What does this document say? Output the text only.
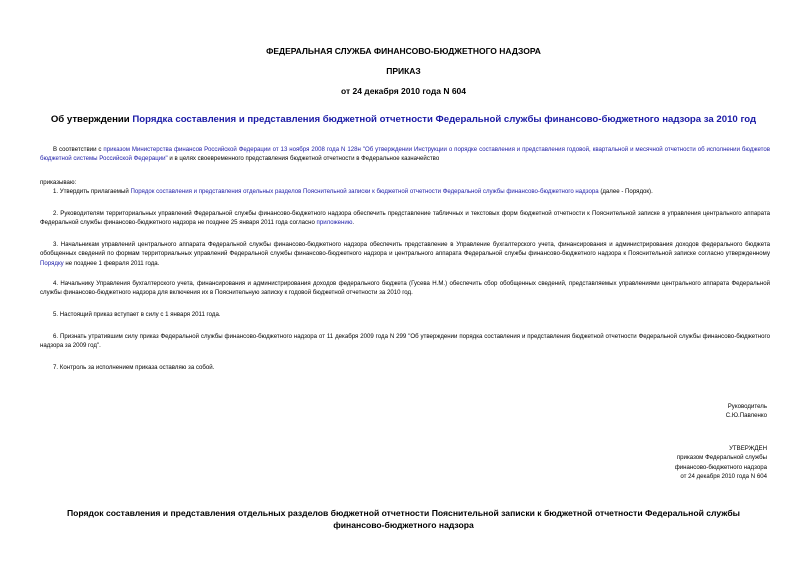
ФЕДЕРАЛЬНАЯ СЛУЖБА ФИНАНСОВО-БЮДЖЕТНОГО НАДЗОРА
ПРИКАЗ
от 24 декабря 2010 года N 604
Об утверждении Порядка составления и представления бюджетной отчетности Федеральной службы финансово-бюджетного надзора за 2010 год
В соответствии с приказом Министерства финансов Российской Федерации от 13 ноября 2008 года N 128н "Об утверждении Инструкции о порядке составления и представления годовой, квартальной и месячной отчетности об исполнении бюджетов бюджетной системы Российской Федерации" и в целях своевременного представления бюджетной отчетности в Федеральное казначейство
приказываю:
1. Утвердить прилагаемый Порядок составления и представления отдельных разделов Пояснительной записки к бюджетной отчетности Федеральной службы финансово-бюджетного надзора (далее - Порядок).
2. Руководителям территориальных управлений Федеральной службы финансово-бюджетного надзора обеспечить представление табличных и текстовых форм бюджетной отчетности к Пояснительной записке в управления центрального аппарата Федеральной службы финансово-бюджетного надзора не позднее 25 января 2011 года согласно приложению.
3. Начальникам управлений центрального аппарата Федеральной службы финансово-бюджетного надзора обеспечить представление в Управление бухгалтерского учета, финансирования и администрирования доходов федерального бюджета обобщенных сведений по формам территориальных управлений Федеральной службы финансово-бюджетного надзора и центрального аппарата Федеральной службы финансово-бюджетного надзора к Пояснительной записке согласно утвержденному Порядку не позднее 1 февраля 2011 года.
4. Начальнику Управления бухгалтерского учета, финансирования и администрирования доходов федерального бюджета (Гусева Н.М.) обеспечить сбор обобщенных сведений, представляемых управлениями центрального аппарата Федеральной службы финансово-бюджетного надзора для включения их в Пояснительную записку к годовой бюджетной отчетности за 2010 год.
5. Настоящий приказ вступает в силу с 1 января 2011 года.
6. Признать утратившим силу приказ Федеральной службы финансово-бюджетного надзора от 11 декабря 2009 года N 299 "Об утверждении порядка составления и представления бюджетной отчетности Федеральной службы финансово-бюджетного надзора за 2009 год".
7. Контроль за исполнением приказа оставляю за собой.
Руководитель
С.Ю.Павленко
УТВЕРЖДЕН
приказом Федеральной службы
финансово-бюджетного надзора
от 24 декабря 2010 года N 604
Порядок составления и представления отдельных разделов бюджетной отчетности Пояснительной записки к бюджетной отчетности Федеральной службы финансово-бюджетного надзора
